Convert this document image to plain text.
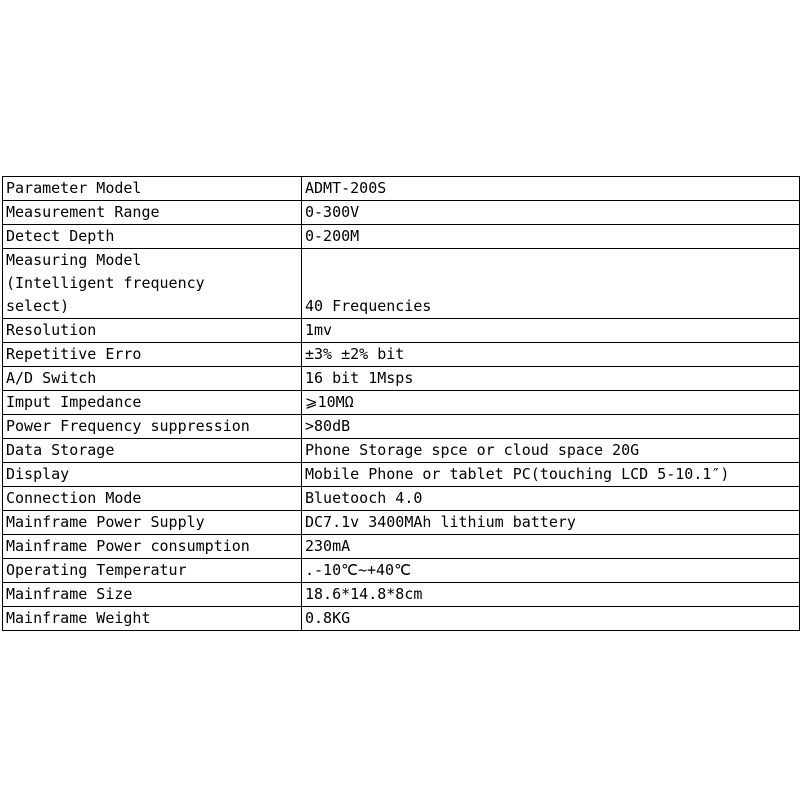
Parameter Model	ADMT-200S
Measurement Range	0-300V
Detect Depth	0-200M
Measuring Model
(Intelligent frequency
select)	40 Frequencies
Resolution	1mv
Repetitive Erro	±3% ±2% bit
A/D Switch	16 bit 1Msps
Imput Impedance	⩾10MΩ
Power Frequency suppression	>80dB
Data Storage	Phone Storage spce or cloud space 20G
Display	Mobile Phone or tablet PC(touching LCD 5-10.1″)
Connection Mode	Bluetooch 4.0
Mainframe Power Supply	DC7.1v 3400MAh lithium battery
Mainframe Power consumption	230mA
Operating Temperatur	.-10℃~+40℃
Mainframe Size	18.6*14.8*8cm
Mainframe Weight	0.8KG
